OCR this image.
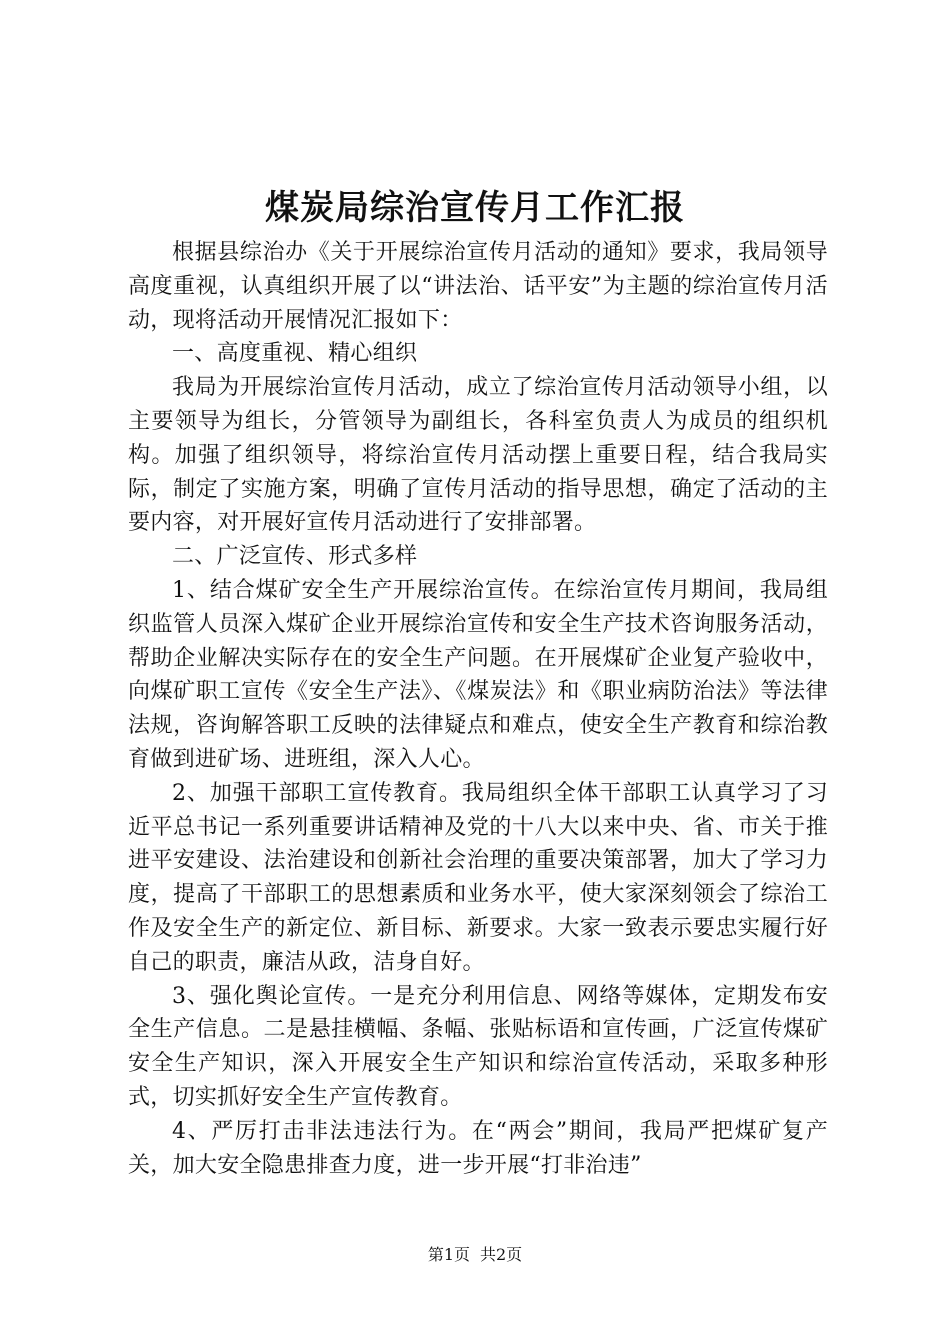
煤炭局综治宣传月工作汇报

根据县综治办《关于开展综治宣传月活动的通知》要求，我局领导高度重视，认真组织开展了以“讲法治、话平安”为主题的综治宣传月活动，现将活动开展情况汇报如下：

一、高度重视、精心组织

我局为开展综治宣传月活动，成立了综治宣传月活动领导小组，以主要领导为组长，分管领导为副组长，各科室负责人为成员的组织机构。加强了组织领导，将综治宣传月活动摆上重要日程，结合我局实际，制定了实施方案，明确了宣传月活动的指导思想，确定了活动的主要内容，对开展好宣传月活动进行了安排部署。

二、广泛宣传、形式多样

1、结合煤矿安全生产开展综治宣传。在综治宣传月期间，我局组织监管人员深入煤矿企业开展综治宣传和安全生产技术咨询服务活动，帮助企业解决实际存在的安全生产问题。在开展煤矿企业复产验收中，向煤矿职工宣传《安全生产法》、《煤炭法》和《职业病防治法》等法律法规，咨询解答职工反映的法律疑点和难点，使安全生产教育和综治教育做到进矿场、进班组，深入人心。

2、加强干部职工宣传教育。我局组织全体干部职工认真学习了习近平总书记一系列重要讲话精神及党的十八大以来中央、省、市关于推进平安建设、法治建设和创新社会治理的重要决策部署，加大了学习力度，提高了干部职工的思想素质和业务水平，使大家深刻领会了综治工作及安全生产的新定位、新目标、新要求。大家一致表示要忠实履行好自己的职责，廉洁从政，洁身自好。

3、强化舆论宣传。一是充分利用信息、网络等媒体，定期发布安全生产信息。二是悬挂横幅、条幅、张贴标语和宣传画，广泛宣传煤矿安全生产知识，深入开展安全生产知识和综治宣传活动，采取多种形式，切实抓好安全生产宣传教育。

4、严厉打击非法违法行为。在“两会”期间，我局严把煤矿复产关，加大安全隐患排查力度，进一步开展“打非治违”

第1页 共2页
